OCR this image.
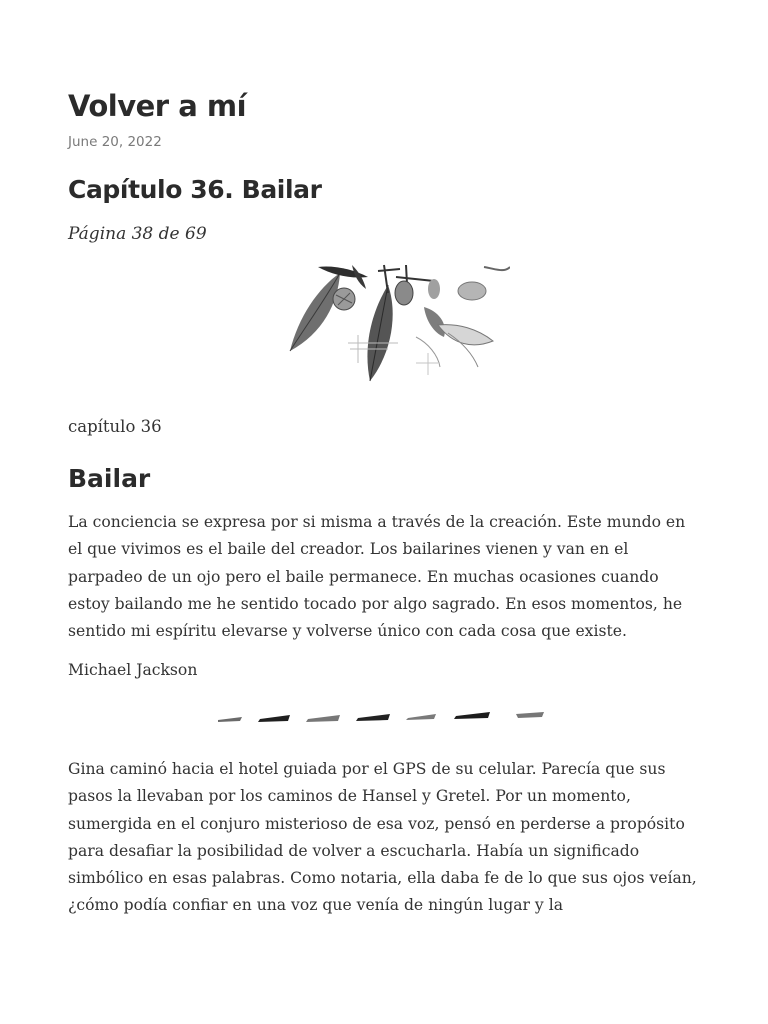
Volver a mí
June 20, 2022
Capítulo 36. Bailar
Página 38 de 69
capítulo 36
Bailar

La conciencia se expresa por si misma a través de la creación. Este mundo en el que vivimos es el baile del creador. Los bailarines vienen y van en el parpadeo de un ojo pero el baile permanece. En muchas ocasiones cuando estoy bailando me he sentido tocado por algo sagrado. En esos momentos, he sentido mi espíritu elevarse y volverse único con cada cosa que existe.

Michael Jackson

Gina caminó hacia el hotel guiada por el GPS de su celular. Parecía que sus pasos la llevaban por los caminos de Hansel y Gretel. Por un momento, sumergida en el conjuro misterioso de esa voz, pensó en perderse a propósito para desafiar la posibilidad de volver a escucharla. Había un significado simbólico en esas palabras. Como notaria, ella daba fe de lo que sus ojos veían, ¿cómo podía confiar en una voz que venía de ningún lugar y la
